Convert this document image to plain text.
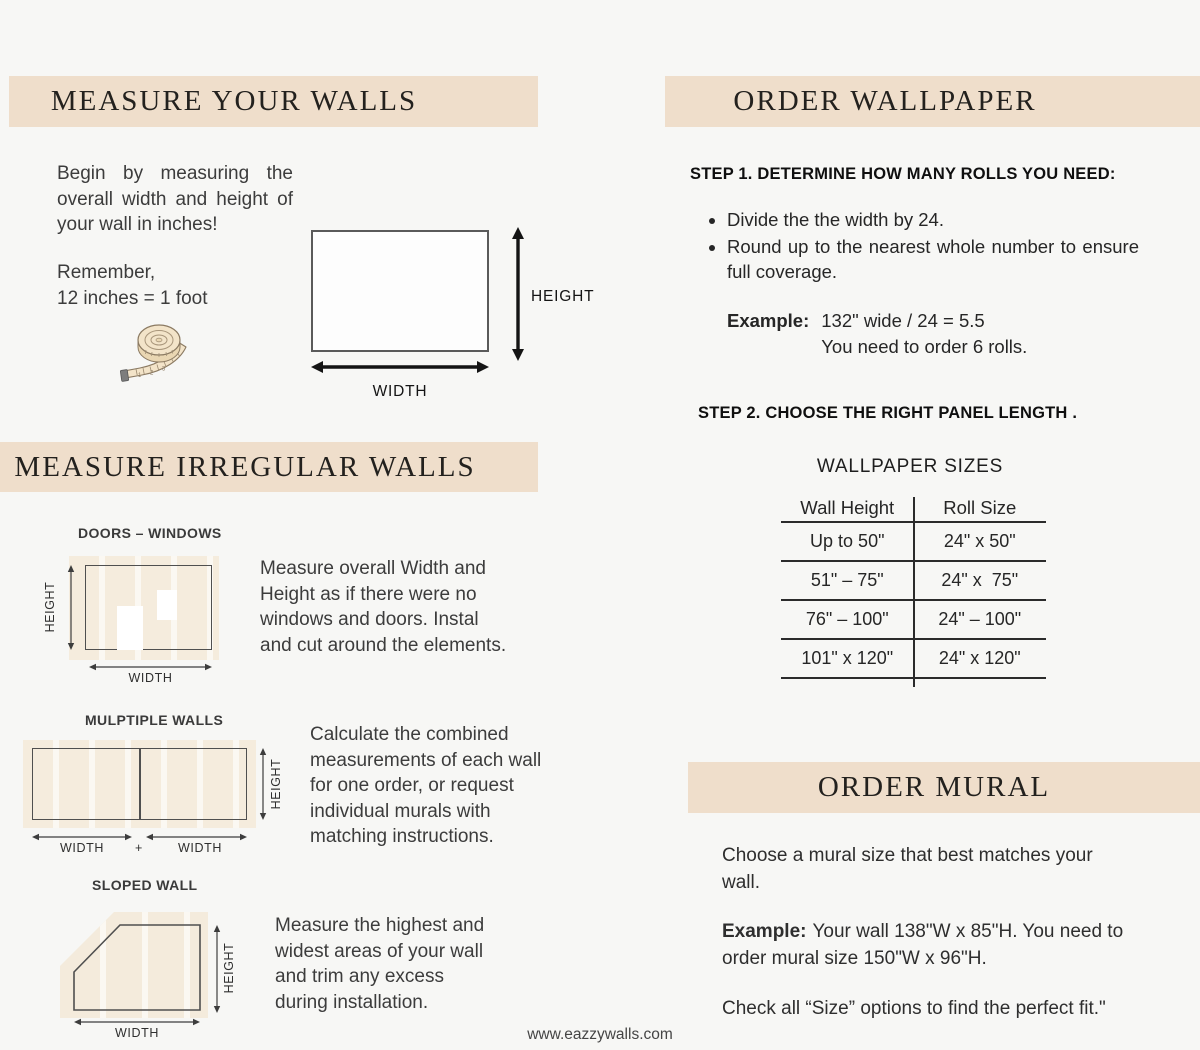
MEASURE YOUR WALLS
Begin by measuring the overall width and height of your wall in inches!
Remember,
12 inches = 1 foot
1 2
3
HEIGHT
WIDTH
MEASURE IRREGULAR WALLS
DOORS – WINDOWS
HEIGHT
WIDTH
Measure overall Width and Height as if there were no windows and doors. Instal and cut around the elements.
MULPTIPLE WALLS
HEIGHT
WIDTH	+	WIDTH
Calculate the combined measurements of each wall for one order, or request individual murals with matching instructions.
SLOPED WALL
HEIGHT
WIDTH
Measure the highest and widest areas of your wall and trim any excess during installation.
www.eazzywalls.com
ORDER WALLPAPER
STEP 1. DETERMINE HOW MANY ROLLS YOU NEED:
• Divide the the width by 24.
• Round up to the nearest whole number to ensure full coverage.
Example: 132" wide / 24 = 5.5
You need to order 6 rolls.
STEP 2. CHOOSE THE RIGHT PANEL LENGTH .
WALLPAPER SIZES
Wall Height	Roll Size
Up to 50"	24" x 50"
51" – 75"	24" x  75"
76" – 100"	24" – 100"
101" x 120"	24" x 120"
ORDER MURAL
Choose a mural size that best matches your wall.
Example: Your wall 138"W x 85"H. You need to order mural size 150"W x 96"H.
Check all “Size” options to find the perfect fit."
